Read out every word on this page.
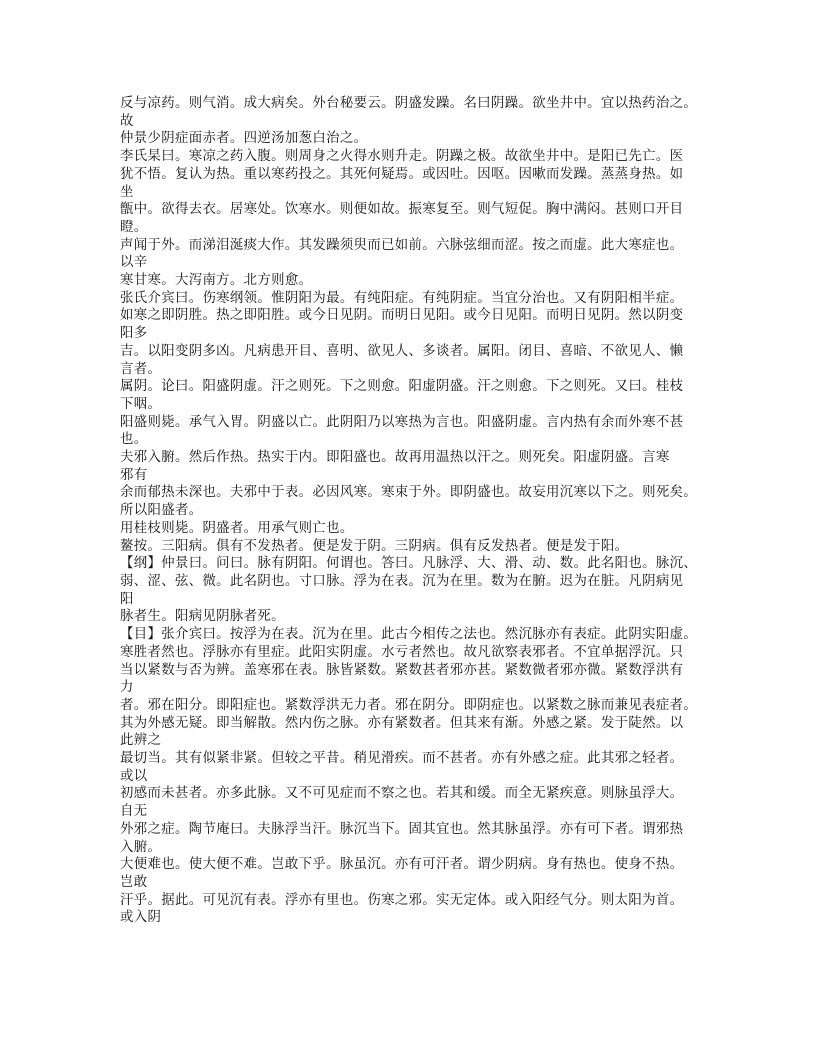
反与凉药。则气消。成大病矣。外台秘要云。阴盛发躁。名曰阴躁。欲坐井中。宜以热药治之。
故
仲景少阴症面赤者。四逆汤加葱白治之。
李氏杲曰。寒凉之药入腹。则周身之火得水则升走。阴躁之极。故欲坐井中。是阳已先亡。医
犹不悟。复认为热。重以寒药投之。其死何疑焉。或因吐。因呕。因嗽而发躁。蒸蒸身热。如
坐
甑中。欲得去衣。居寒处。饮寒水。则便如故。振寒复至。则气短促。胸中满闷。甚则口开目
瞪。
声闻于外。而涕泪涎痰大作。其发躁须臾而已如前。六脉弦细而涩。按之而虚。此大寒症也。
以辛
寒甘寒。大泻南方。北方则愈。
张氏介宾曰。伤寒纲领。惟阴阳为最。有纯阳症。有纯阴症。当宜分治也。又有阴阳相半症。
如寒之即阴胜。热之即阳胜。或今日见阴。而明日见阳。或今日见阳。而明日见阴。然以阴变
阳多
吉。以阳变阴多凶。凡病患开目、喜明、欲见人、多谈者。属阳。闭目、喜暗、不欲见人、懒
言者。
属阴。论曰。阳盛阴虚。汗之则死。下之则愈。阳虚阴盛。汗之则愈。下之则死。又曰。桂枝
下咽。
阳盛则毙。承气入胃。阴盛以亡。此阴阳乃以寒热为言也。阳盛阴虚。言内热有余而外寒不甚
也。
夫邪入腑。然后作热。热实于内。即阳盛也。故再用温热以汗之。则死矣。阳虚阴盛。言寒
邪有
余而郁热未深也。夫邪中于表。必因风寒。寒束于外。即阴盛也。故妄用沉寒以下之。则死矣。
所以阳盛者。
用桂枝则毙。阴盛者。用承气则亡也。
鳌按。三阳病。俱有不发热者。便是发于阴。三阴病。俱有反发热者。便是发于阳。
【纲】仲景曰。问曰。脉有阴阳。何谓也。答曰。凡脉浮、大、滑、动、数。此名阳也。脉沉、
弱、涩、弦、微。此名阴也。寸口脉。浮为在表。沉为在里。数为在腑。迟为在脏。凡阴病见
阳
脉者生。阳病见阴脉者死。
【目】张介宾曰。按浮为在表。沉为在里。此古今相传之法也。然沉脉亦有表症。此阴实阳虚。
寒胜者然也。浮脉亦有里症。此阳实阴虚。水亏者然也。故凡欲察表邪者。不宜单据浮沉。只
当以紧数与否为辨。盖寒邪在表。脉皆紧数。紧数甚者邪亦甚。紧数微者邪亦微。紧数浮洪有
力
者。邪在阳分。即阳症也。紧数浮洪无力者。邪在阴分。即阴症也。以紧数之脉而兼见表症者。
其为外感无疑。即当解散。然内伤之脉。亦有紧数者。但其来有渐。外感之紧。发于陡然。以
此辨之
最切当。其有似紧非紧。但较之平昔。稍见滑疾。而不甚者。亦有外感之症。此其邪之轻者。
或以
初感而未甚者。亦多此脉。又不可见症而不察之也。若其和缓。而全无紧疾意。则脉虽浮大。
自无
外邪之症。陶节庵曰。夫脉浮当汗。脉沉当下。固其宜也。然其脉虽浮。亦有可下者。谓邪热
入腑。
大便难也。使大便不难。岂敢下乎。脉虽沉。亦有可汗者。谓少阴病。身有热也。使身不热。
岂敢
汗乎。据此。可见沉有表。浮亦有里也。伤寒之邪。实无定体。或入阳经气分。则太阳为首。
或入阴
